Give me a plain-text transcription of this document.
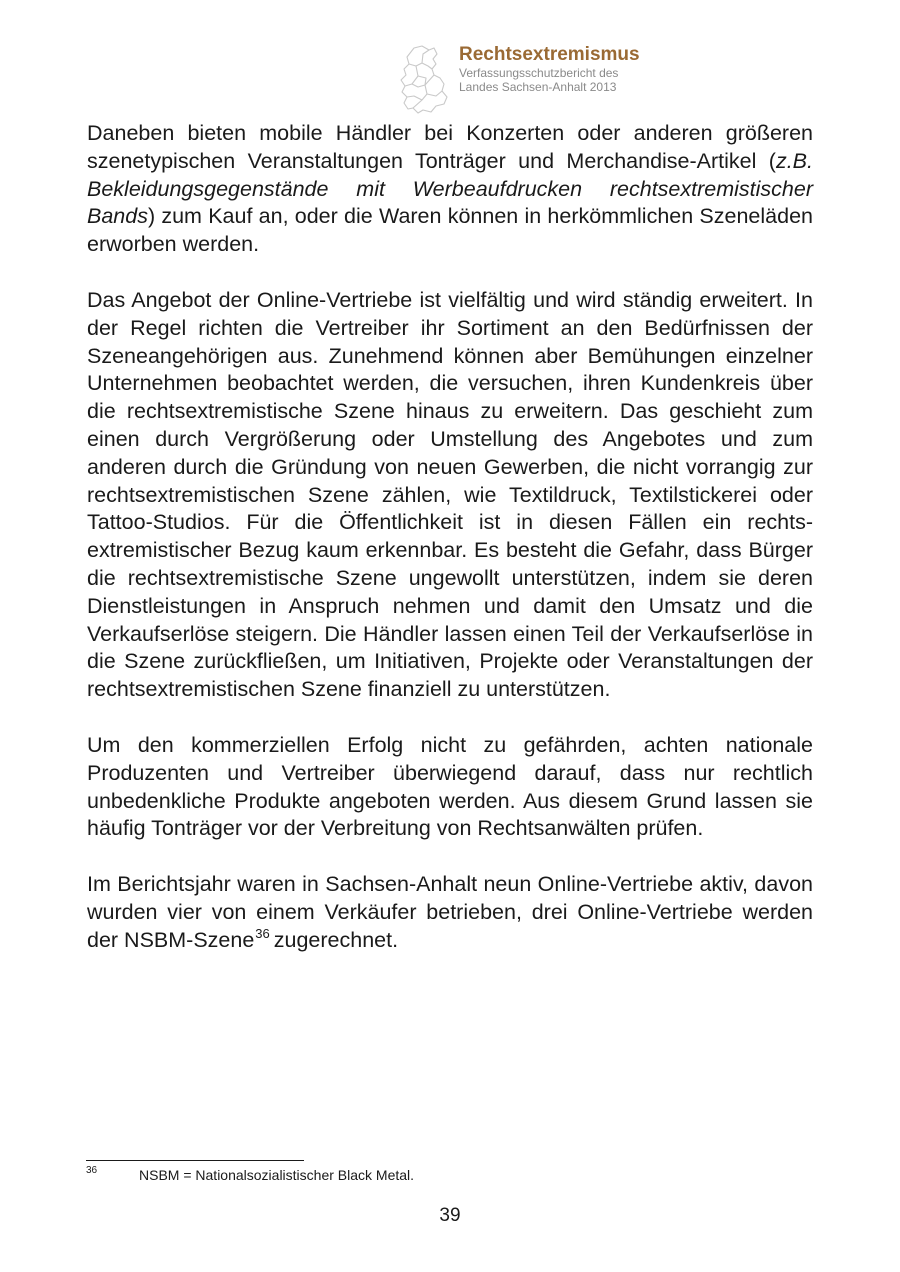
Rechtsextremismus
Verfassungsschutzbericht des
Landes Sachsen-Anhalt 2013

Daneben bieten mobile Händler bei Konzerten oder anderen größeren szenetypischen Veranstaltungen Tonträger und Merchandise-Artikel (z.B. Bekleidungsgegenstände mit Werbeaufdrucken rechtsextremistischer Bands) zum Kauf an, oder die Waren können in herkömmlichen Szeneläden erworben werden.

Das Angebot der Online-Vertriebe ist vielfältig und wird ständig erweitert. In der Regel richten die Vertreiber ihr Sortiment an den Bedürfnissen der Szeneangehörigen aus. Zunehmend können aber Bemühungen einzelner Unternehmen beobachtet werden, die versuchen, ihren Kundenkreis über die rechtsextremistische Szene hinaus zu erweitern. Das geschieht zum einen durch Vergrößerung oder Umstellung des Angebotes und zum anderen durch die Gründung von neuen Gewerben, die nicht vorrangig zur rechtsextremistischen Szene zählen, wie Textildruck, Textilstickerei oder Tattoo-Studios. Für die Öffentlichkeit ist in diesen Fällen ein rechtsextremistischer Bezug kaum erkennbar. Es besteht die Gefahr, dass Bürger die rechtsextremistische Szene ungewollt unterstützen, indem sie deren Dienstleistungen in Anspruch nehmen und damit den Umsatz und die Verkaufserlöse steigern. Die Händler lassen einen Teil der Verkaufserlöse in die Szene zurückfließen, um Initiativen, Projekte oder Veranstaltungen der rechtsextremistischen Szene finanziell zu unterstützen.

Um den kommerziellen Erfolg nicht zu gefährden, achten nationale Produzenten und Vertreiber überwiegend darauf, dass nur rechtlich unbedenkliche Produkte angeboten werden. Aus diesem Grund lassen sie häufig Tonträger vor der Verbreitung von Rechtsanwälten prüfen.

Im Berichtsjahr waren in Sachsen-Anhalt neun Online-Vertriebe aktiv, davon wurden vier von einem Verkäufer betrieben, drei Online-Vertriebe werden der NSBM-Szene$^{36}$ zugerechnet.

36	NSBM = Nationalsozialistischer Black Metal.
39
